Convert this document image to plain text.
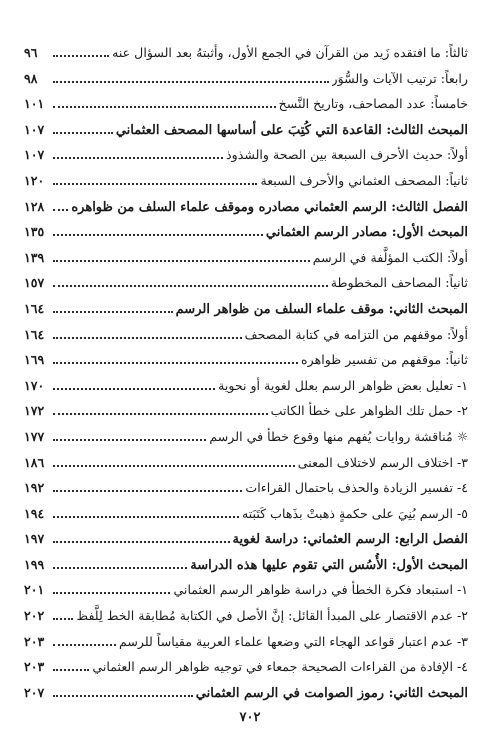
ثالثاً: ما افتقده زَيد من القرآن في الجمع الأول، وأثبتهُ بعد السؤال عنه
٩٦
رابعاً: ترتيب الآيات والسُّوَر
٩٨
خامساً: عدد المصاحف، وتاريخ النَّسخ
١٠١
المبحث الثالث: القاعدة التي كُتِبَ على أساسها المصحف العثماني
١٠٧
أولاً: حديث الأحرف السبعة بين الصحة والشذوذ
١٠٧
ثانياً: المصحف العثماني والأحرف السبعة
١٢٠
الفصل الثالث: الرسم العثماني مصادره وموقف علماء السلف من ظواهره
١٢٨
المبحث الأول: مصادر الرسم العثماني
١٣٥
أولاً: الكتب المؤلَّفة في الرسم
١٣٩
ثانياً: المصاحف المخطوطة
١٥٧
المبحث الثاني: موقف علماء السلف من ظواهر الرسم
١٦٤
أولاً: موقفهم من التزامه في كتابة المصحف
١٦٤
ثانياً: موقفهم من تفسير ظواهره
١٦٩
١- تعليل بعض ظواهر الرسم بعلل لغوية أو نحوية
١٧٠
٢- حمل تلك الظواهر على خطأ الكاتب
١٧٢
☼ مُناقشة روايات يُفهم منها وقوع خطأ في الرسم
١٧٧
٣- اختلاف الرسم لاختلاف المعنى
١٨٦
٤- تفسير الزيادة والحذف باحتمال القراءات
١٩٢
٥- الرسم بُنِيَ على حكمةٍ ذهبتْ بذَهاب كَتَبَته
١٩٤
الفصل الرابع: الرسم العثماني: دراسة لغوية
١٩٧
المبحث الأول: الأُسُس التي تقوم عليها هذه الدراسة
١٩٩
١- استبعاد فكرة الخطأ في دراسة ظواهر الرسم العثماني
٢٠١
٢- عدم الاقتصار على المبدأ القائل: إنَّ الأصل في الكتابة مُطابقة الخط لِلَّفظ
٢٠٢
٣- عدم اعتبار قواعد الهجاء التي وضعها علماء العربية مقياساً للرسم
٢٠٣
٤- الإفادة من القراءات الصحيحة جمعاء في توجيه ظواهر الرسم العثماني
٢٠٣
المبحث الثاني: رموز الصوامت في الرسم العثماني
٢٠٧
٧٠٢
